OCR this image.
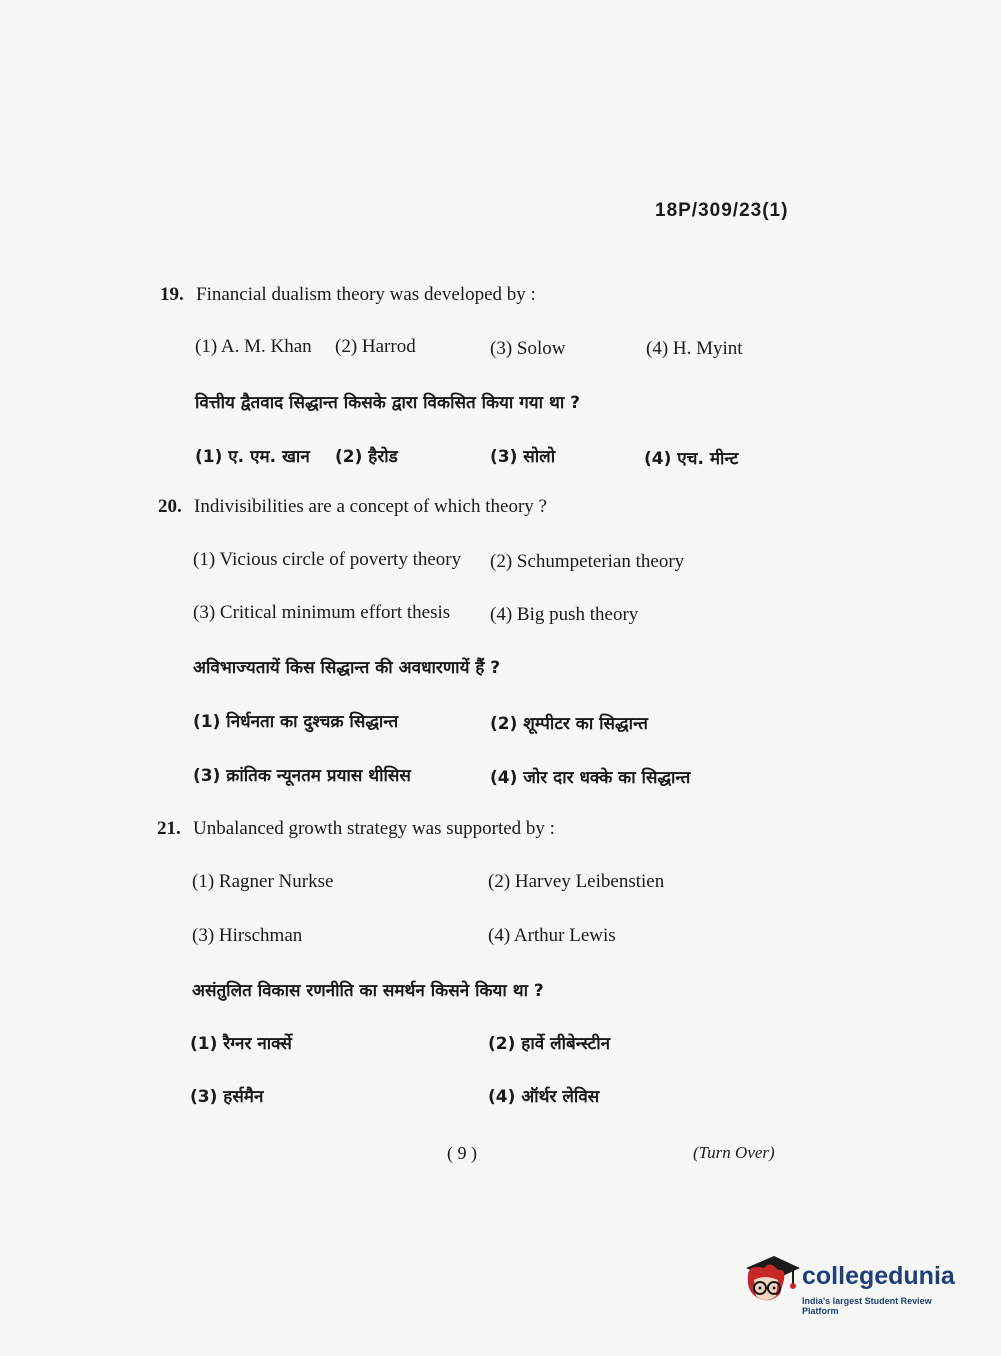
18P/309/23(1)
19. Financial dualism theory was developed by :
(1) A. M. Khan (2) Harrod	(3) Solow	(4) H. Myint
वित्तीय द्वैतवाद सिद्धान्त किसके द्वारा विकसित किया गया था ?
(1) ए. एम. खान (2) हैरोड	(3) सोलो	(4) एच. मीन्ट
20. Indivisibilities are a concept of which theory ?
(1) Vicious circle of poverty theory (2) Schumpeterian theory
(3) Critical minimum effort thesis (4) Big push theory
अविभाज्यतायें किस सिद्धान्त की अवधारणायें हैं ?
(1) निर्धनता का दुश्चक्र सिद्धान्त	(2) शूम्पीटर का सिद्धान्त
(3) क्रांतिक न्यूनतम प्रयास थीसिस	(4) जोर दार धक्के का सिद्धान्त
21. Unbalanced growth strategy was supported by :
(1) Ragner Nurkse	(2) Harvey Leibenstien
(3) Hirschman	(4) Arthur Lewis
असंतुलित विकास रणनीति का समर्थन किसने किया था ?
(1) रैग्नर नार्क्से	(2) हार्वे लीबेन्स्टीन
(3) हर्समैन	(4) ऑर्थर लेविस
( 9 )	(Turn Over)
collegedunia
India's largest Student Review Platform
